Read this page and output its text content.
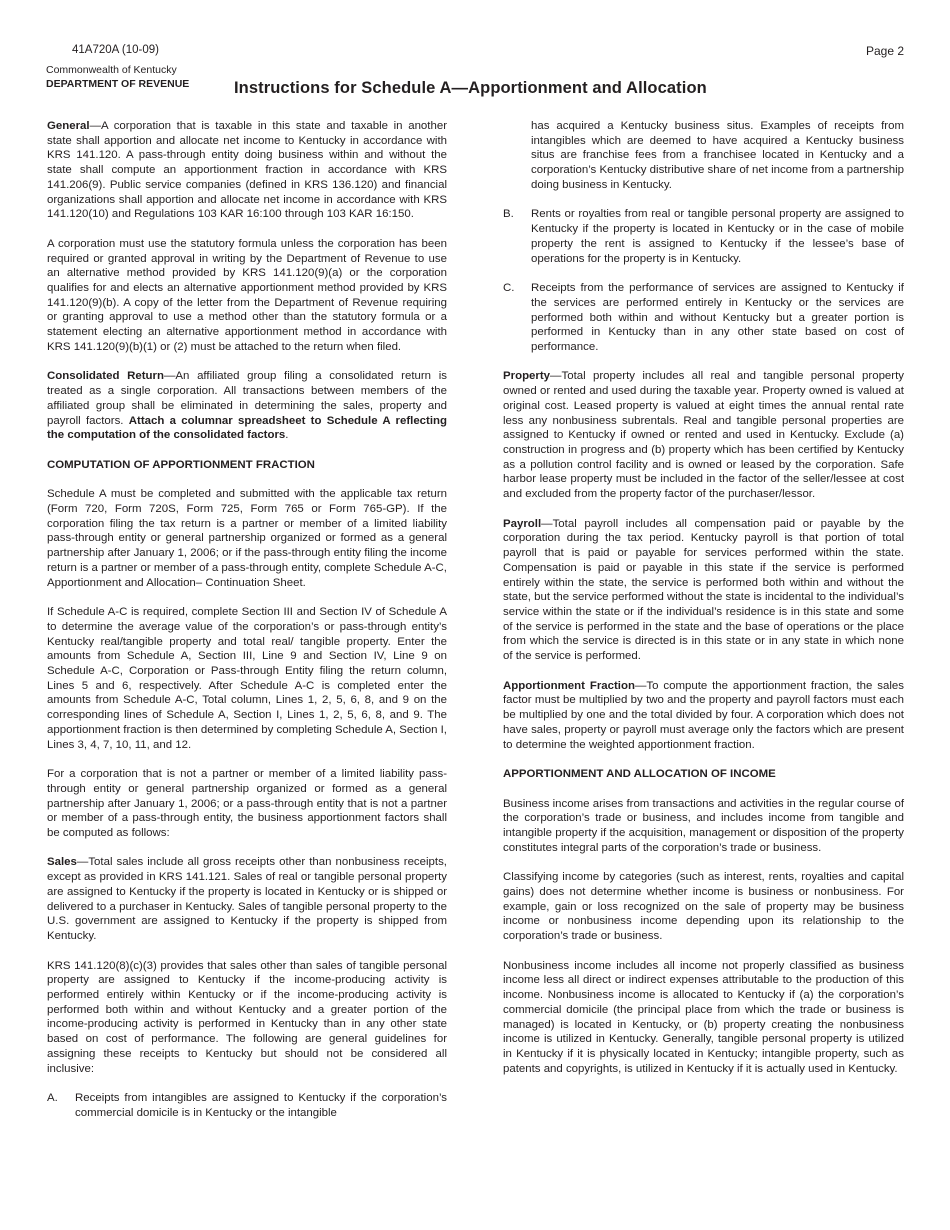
41A720A (10-09)	Page 2
Commonwealth of Kentucky
DEPARTMENT OF REVENUE	Instructions for Schedule A—Apportionment and Allocation

General—A corporation that is taxable in this state and taxable in another state shall apportion and allocate net income to Kentucky in accordance with KRS 141.120. A pass-through entity doing business within and without the state shall compute an apportionment fraction in accordance with KRS 141.206(9). Public service companies (defined in KRS 136.120) and financial organizations shall apportion and allocate net income in accordance with KRS 141.120(10) and Regulations 103 KAR 16:100 through 103 KAR 16:150.

A corporation must use the statutory formula unless the corporation has been required or granted approval in writing by the Department of Revenue to use an alternative method provided by KRS 141.120(9)(a) or the corporation qualifies for and elects an alternative apportionment method provided by KRS 141.120(9)(b). A copy of the letter from the Department of Revenue requiring or granting approval to use a method other than the statutory formula or a statement electing an alternative apportionment method in accordance with KRS 141.120(9)(b)(1) or (2) must be attached to the return when filed.

Consolidated Return—An affiliated group filing a consolidated return is treated as a single corporation. All transactions between members of the affiliated group shall be eliminated in determining the sales, property and payroll factors. Attach a columnar spreadsheet to Schedule A reflecting the computation of the consolidated factors.

COMPUTATION OF APPORTIONMENT FRACTION

Schedule A must be completed and submitted with the applicable tax return (Form 720, Form 720S, Form 725, Form 765 or Form 765-GP). If the corporation filing the tax return is a partner or member of a limited liability pass-through entity or general partnership organized or formed as a general partnership after January 1, 2006; or if the pass-through entity filing the income return is a partner or member of a pass-through entity, complete Schedule A-C, Apportionment and Allocation– Continuation Sheet.

If Schedule A-C is required, complete Section III and Section IV of Schedule A to determine the average value of the corporation’s or pass-through entity’s Kentucky real/tangible property and total real/ tangible property. Enter the amounts from Schedule A, Section III, Line 9 and Section IV, Line 9 on Schedule A-C, Corporation or Pass-through Entity filing the return column, Lines 5 and 6, respectively. After Schedule A-C is completed enter the amounts from Schedule A-C, Total column, Lines 1, 2, 5, 6, 8, and 9 on the corresponding lines of Schedule A, Section I, Lines 1, 2, 5, 6, 8, and 9. The apportionment fraction is then determined by completing Schedule A, Section I, Lines 3, 4, 7, 10, 11, and 12.

For a corporation that is not a partner or member of a limited liability pass-through entity or general partnership organized or formed as a general partnership after January 1, 2006; or a pass-through entity that is not a partner or member of a pass-through entity, the business apportionment factors shall be computed as follows:

Sales—Total sales include all gross receipts other than nonbusiness receipts, except as provided in KRS 141.121. Sales of real or tangible personal property are assigned to Kentucky if the property is located in Kentucky or is shipped or delivered to a purchaser in Kentucky. Sales of tangible personal property to the U.S. government are assigned to Kentucky if the property is shipped from Kentucky.

KRS 141.120(8)(c)(3) provides that sales other than sales of tangible personal property are assigned to Kentucky if the income-producing activity is performed entirely within Kentucky or if the income-producing activity is performed both within and without Kentucky and a greater portion of the income-producing activity is performed in Kentucky than in any other state based on cost of performance. The following are general guidelines for assigning these receipts to Kentucky but should not be considered all inclusive:

A.	Receipts from intangibles are assigned to Kentucky if the corporation’s commercial domicile is in Kentucky or the intangible

has acquired a Kentucky business situs. Examples of receipts from intangibles which are deemed to have acquired a Kentucky business situs are franchise fees from a franchisee located in Kentucky and a corporation’s Kentucky distributive share of net income from a partnership doing business in Kentucky.

B.	Rents or royalties from real or tangible personal property are assigned to Kentucky if the property is located in Kentucky or in the case of mobile property the rent is assigned to Kentucky if the lessee’s base of operations for the property is in Kentucky.
C.	Receipts from the performance of services are assigned to Kentucky if the services are performed entirely in Kentucky or the services are performed both within and without Kentucky but a greater portion is performed in Kentucky than in any other state based on cost of performance.

Property—Total property includes all real and tangible personal property owned or rented and used during the taxable year. Property owned is valued at original cost. Leased property is valued at eight times the annual rental rate less any nonbusiness subrentals. Real and tangible personal properties are assigned to Kentucky if owned or rented and used in Kentucky. Exclude (a) construction in progress and (b) property which has been certified by Kentucky as a pollution control facility and is owned or leased by the corporation. Safe harbor lease property must be included in the factor of the seller/lessee at cost and excluded from the property factor of the purchaser/lessor.

Payroll—Total payroll includes all compensation paid or payable by the corporation during the tax period. Kentucky payroll is that portion of total payroll that is paid or payable for services performed within the state. Compensation is paid or payable in this state if the service is performed entirely within the state, the service is performed both within and without the state, but the service performed without the state is incidental to the individual’s service within the state or if the individual’s residence is in this state and some of the service is performed in the state and the base of operations or the place from which the service is directed is in this state or in any state in which none of the service is performed.

Apportionment Fraction—To compute the apportionment fraction, the sales factor must be multiplied by two and the property and payroll factors must each be multiplied by one and the total divided by four. A corporation which does not have sales, property or payroll must average only the factors which are present to determine the weighted apportionment fraction.

APPORTIONMENT AND ALLOCATION OF INCOME

Business income arises from transactions and activities in the regular course of the corporation’s trade or business, and includes income from tangible and intangible property if the acquisition, management or disposition of the property constitutes integral parts of the corporation’s trade or business.

Classifying income by categories (such as interest, rents, royalties and capital gains) does not determine whether income is business or nonbusiness. For example, gain or loss recognized on the sale of property may be business income or nonbusiness income depending upon its relationship to the corporation’s trade or business.

Nonbusiness income includes all income not properly classified as business income less all direct or indirect expenses attributable to the production of this income. Nonbusiness income is allocated to Kentucky if (a) the corporation’s commercial domicile (the principal place from which the trade or business is managed) is located in Kentucky, or (b) property creating the nonbusiness income is utilized in Kentucky. Generally, tangible personal property is utilized in Kentucky if it is physically located in Kentucky; intangible property, such as patents and copyrights, is utilized in Kentucky if it is actually used in Kentucky.
